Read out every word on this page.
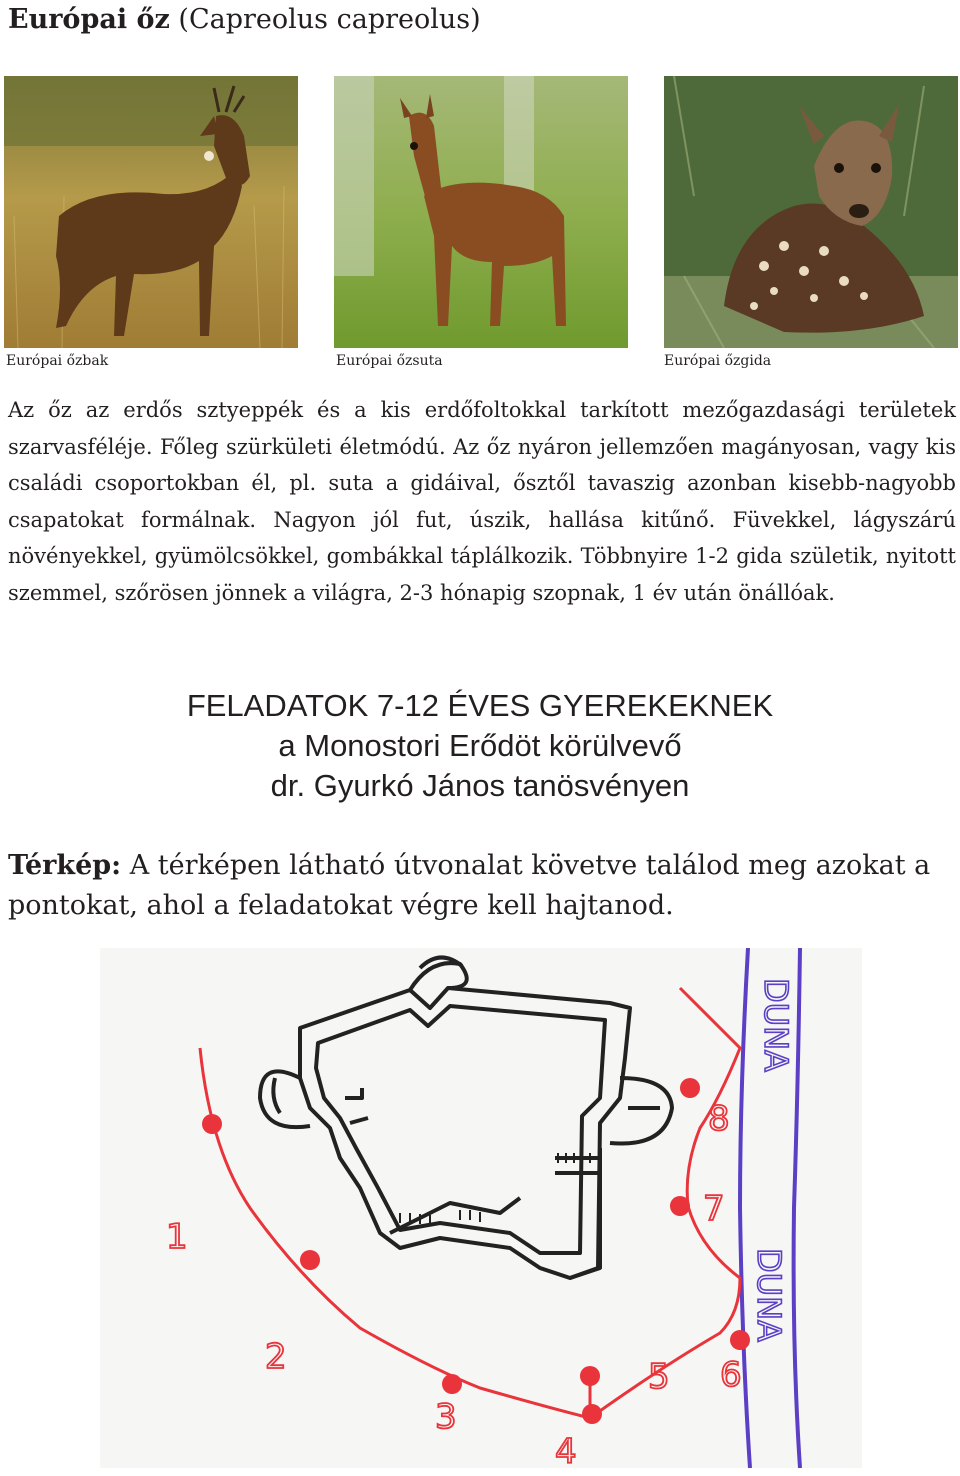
Európai őz (Capreolus capreolus)
Európai őzbak	Európai őzsuta	Európai őzgida
Az őz az erdős sztyeppék és a kis erdőfoltokkal tarkított mezőgazdasági területek szarvasféléje. Főleg szürkületi életmódú. Az őz nyáron jellemzően magányosan, vagy kis családi csoportokban él, pl. suta a gidáival, ősztől tavaszig azonban kisebb-nagyobb csapatokat formálnak. Nagyon jól fut, úszik, hallása kitűnő. Füvekkel, lágyszárú növényekkel, gyümölcsökkel, gombákkal táplálkozik. Többnyire 1-2 gida születik, nyitott szemmel, szőrösen jönnek a világra, 2-3 hónapig szopnak, 1 év után önállóak.
FELADATOK 7-12 ÉVES GYEREKEKNEK
a Monostori Erődöt körülvevő
dr. Gyurkó János tanösvényen
Térkép: A térképen látható útvonalat követve találod meg azokat a pontokat, ahol a feladatokat végre kell hajtanod.
DUNA
DUNA
1
2
3
4
5 6
7
8
